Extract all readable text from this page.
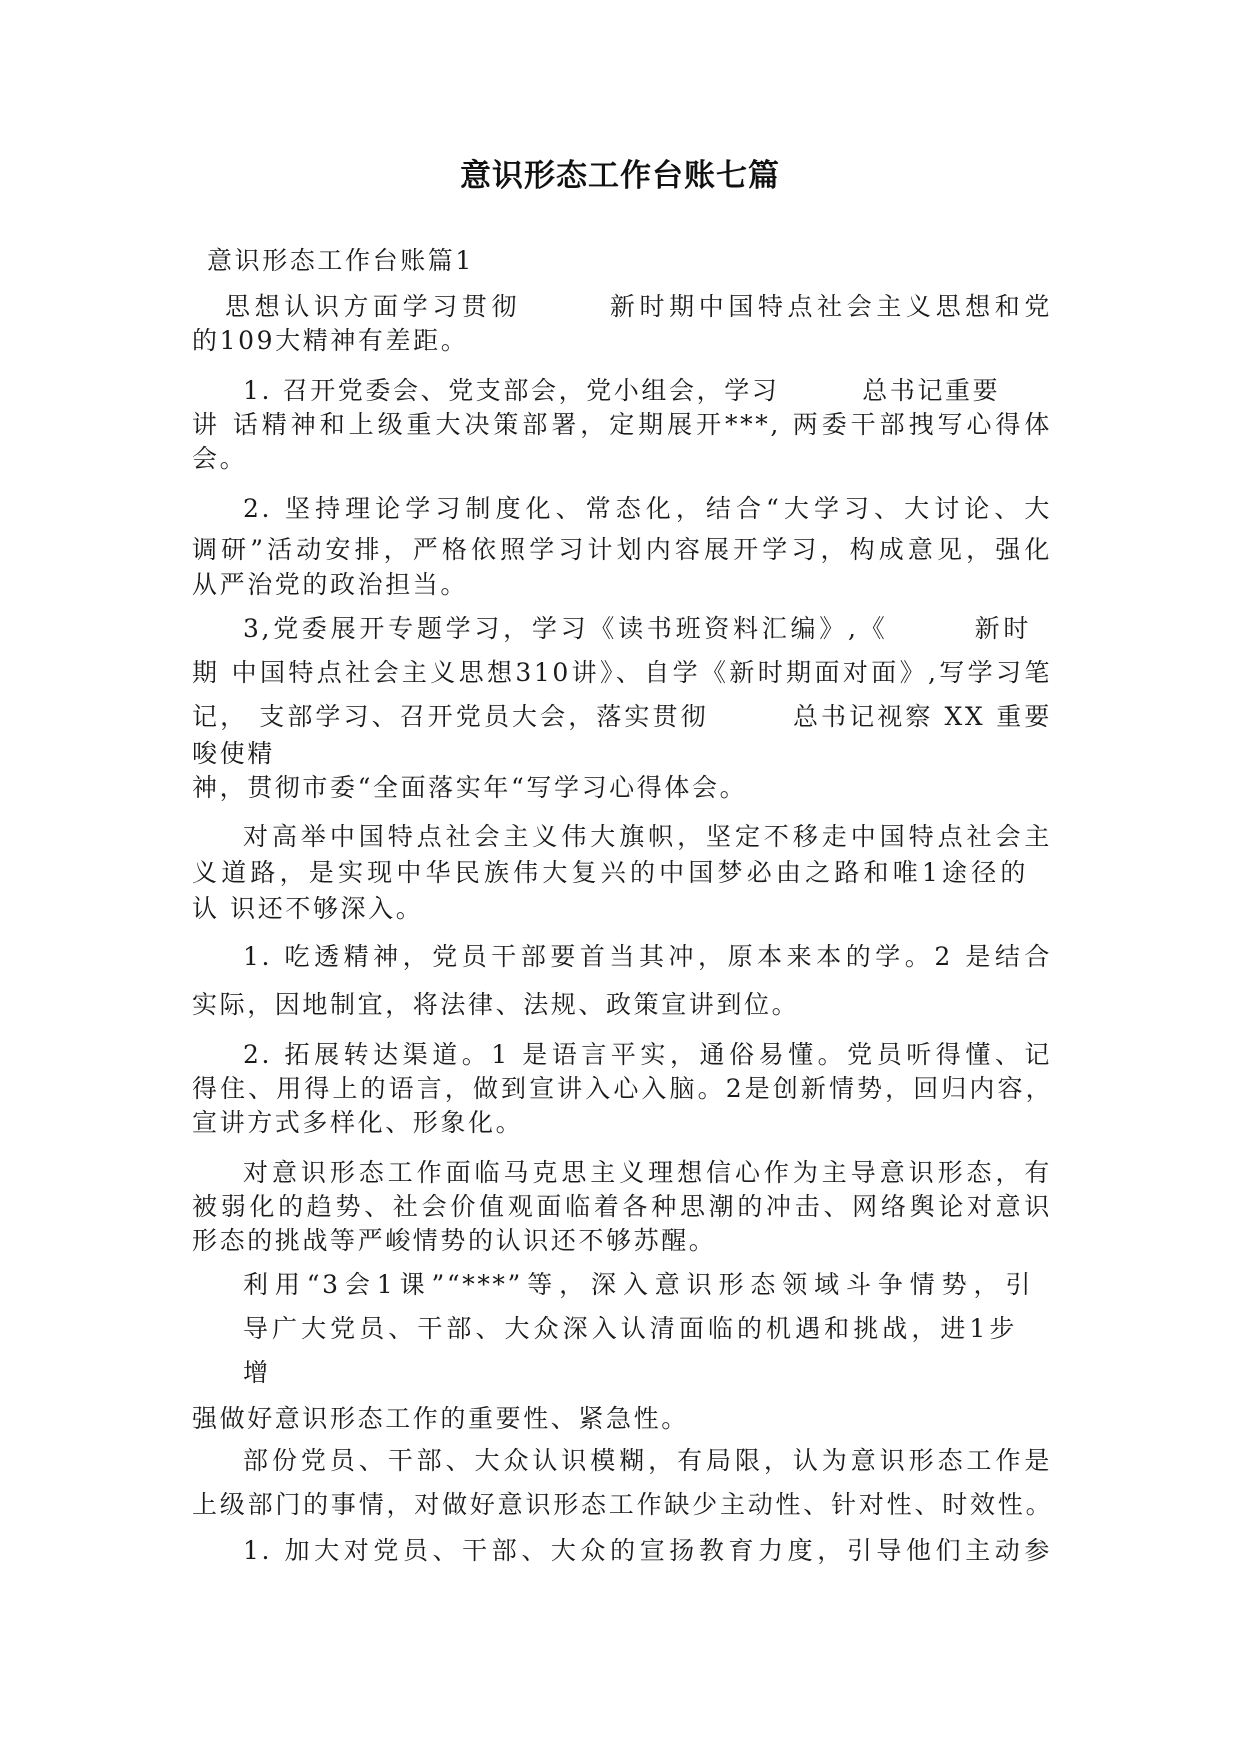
意识形态工作台账七篇
意识形态工作台账篇1
思想认识方面学习贯彻　　　新时期中国特点社会主义思想和党
的109大精神有差距。
1. 召开党委会、党支部会，党小组会，学习　　　总书记重要
讲 话精神和上级重大决策部署，定期展开***, 两委干部拽写心得体
会。
2. 坚持理论学习制度化、常态化，结合“大学习、大讨论、大
调研”活动安排，严格依照学习计划内容展开学习，构成意见，强化
从严治党的政治担当。
3,党委展开专题学习，学习《读书班资料汇编》,《　　　新时
期 中国特点社会主义思想310讲》、自学《新时期面对面》,写学习笔
记， 支部学习、召开党员大会，落实贯彻　　　总书记视察 XX 重要
唆使精
神，贯彻市委“全面落实年“写学习心得体会。
对高举中国特点社会主义伟大旗帜，坚定不移走中国特点社会主
义道路，是实现中华民族伟大复兴的中国梦必由之路和唯1途径的
认 识还不够深入。
1. 吃透精神，党员干部要首当其冲，原本来本的学。2 是结合
实际，因地制宜，将法律、法规、政策宣讲到位。
2. 拓展转达渠道。1 是语言平实，通俗易懂。党员听得懂、记
得住、用得上的语言，做到宣讲入心入脑。2是创新情势，回归内容，
宣讲方式多样化、形象化。
对意识形态工作面临马克思主义理想信心作为主导意识形态，有
被弱化的趋势、社会价值观面临着各种思潮的冲击、网络舆论对意识
形态的挑战等严峻情势的认识还不够苏醒。
利用“3会1课”“***”等，深入意识形态领域斗争情势，引
导广大党员、干部、大众深入认清面临的机遇和挑战，进1步
增
强做好意识形态工作的重要性、紧急性。
部份党员、干部、大众认识模糊，有局限，认为意识形态工作是
上级部门的事情，对做好意识形态工作缺少主动性、针对性、时效性。
1. 加大对党员、干部、大众的宣扬教育力度，引导他们主动参
